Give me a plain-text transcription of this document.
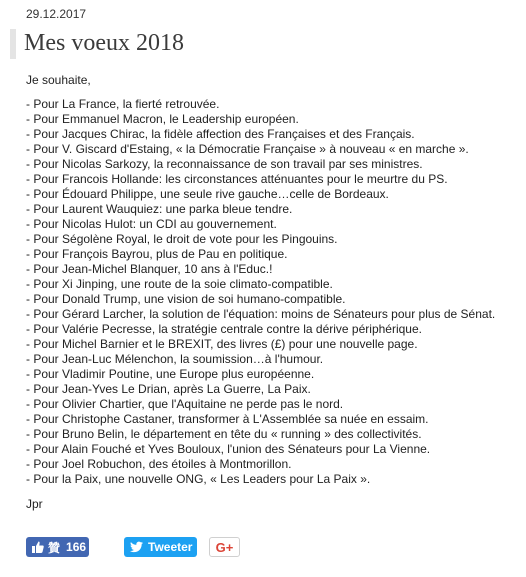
29.12.2017
Mes voeux 2018
Je souhaite,
- Pour La France, la fierté retrouvée.
- Pour Emmanuel Macron, le Leadership européen.
- Pour Jacques Chirac, la fidèle affection des Françaises et des Français.
- Pour V. Giscard d'Estaing, « la Démocratie Française » à nouveau « en marche ».
- Pour Nicolas Sarkozy, la reconnaissance de son travail par ses ministres.
- Pour Francois Hollande: les circonstances atténuantes pour le meurtre du PS.
- Pour Édouard Philippe, une seule rive gauche…celle de Bordeaux.
- Pour Laurent Wauquiez: une parka bleue tendre.
- Pour Nicolas Hulot: un CDI au gouvernement.
- Pour Ségolène Royal, le droit de vote pour les Pingouins.
- Pour François Bayrou, plus de Pau en politique.
- Pour Jean-Michel Blanquer, 10 ans à l'Educ.!
- Pour Xi Jinping, une route de la soie climato-compatible.
- Pour Donald Trump, une vision de soi humano-compatible.
- Pour Gérard Larcher, la solution de l'équation: moins de Sénateurs pour plus de Sénat.
- Pour Valérie Pecresse, la stratégie centrale contre la dérive périphérique.
- Pour Michel Barnier et le BREXIT, des livres (£) pour une nouvelle page.
- Pour Jean-Luc Mélenchon, la soumission…à l'humour.
- Pour Vladimir Poutine, une Europe plus européenne.
- Pour Jean-Yves Le Drian, après La Guerre, La Paix.
- Pour Olivier Chartier, que l'Aquitaine ne perde pas le nord.
- Pour Christophe Castaner, transformer à L'Assemblée sa nuée en essaim.
- Pour Bruno Belin, le département en tête du « running » des collectivités.
- Pour Alain Fouché et Yves Bouloux, l'union des Sénateurs pour La Vienne.
- Pour Joel Robuchon, des étoiles à Montmorillon.
- Pour la Paix, une nouvelle ONG, « Les Leaders pour La Paix ».
Jpr
贊 166	Tweeter G+
